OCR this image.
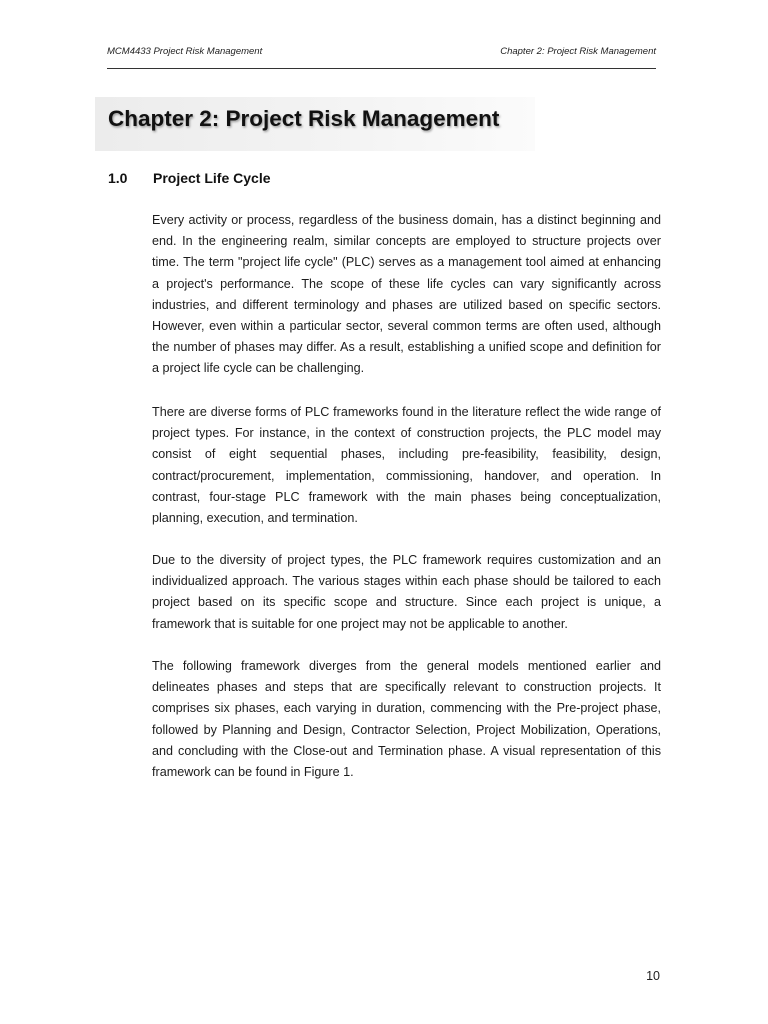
MCM4433 Project Risk Management	Chapter 2: Project Risk Management
Chapter 2: Project Risk Management
1.0 Project Life Cycle

Every activity or process, regardless of the business domain, has a distinct beginning and end. In the engineering realm, similar concepts are employed to structure projects over time. The term "project life cycle" (PLC) serves as a management tool aimed at enhancing a project's performance. The scope of these life cycles can vary significantly across industries, and different terminology and phases are utilized based on specific sectors. However, even within a particular sector, several common terms are often used, although the number of phases may differ. As a result, establishing a unified scope and definition for a project life cycle can be challenging.

There are diverse forms of PLC frameworks found in the literature reflect the wide range of project types. For instance, in the context of construction projects, the PLC model may consist of eight sequential phases, including pre-feasibility, feasibility, design, contract/procurement, implementation, commissioning, handover, and operation. In contrast, four-stage PLC framework with the main phases being conceptualization, planning, execution, and termination.

Due to the diversity of project types, the PLC framework requires customization and an individualized approach. The various stages within each phase should be tailored to each project based on its specific scope and structure. Since each project is unique, a framework that is suitable for one project may not be applicable to another.

The following framework diverges from the general models mentioned earlier and delineates phases and steps that are specifically relevant to construction projects. It comprises six phases, each varying in duration, commencing with the Pre-project phase, followed by Planning and Design, Contractor Selection, Project Mobilization, Operations, and concluding with the Close-out and Termination phase. A visual representation of this framework can be found in Figure 1.

10
